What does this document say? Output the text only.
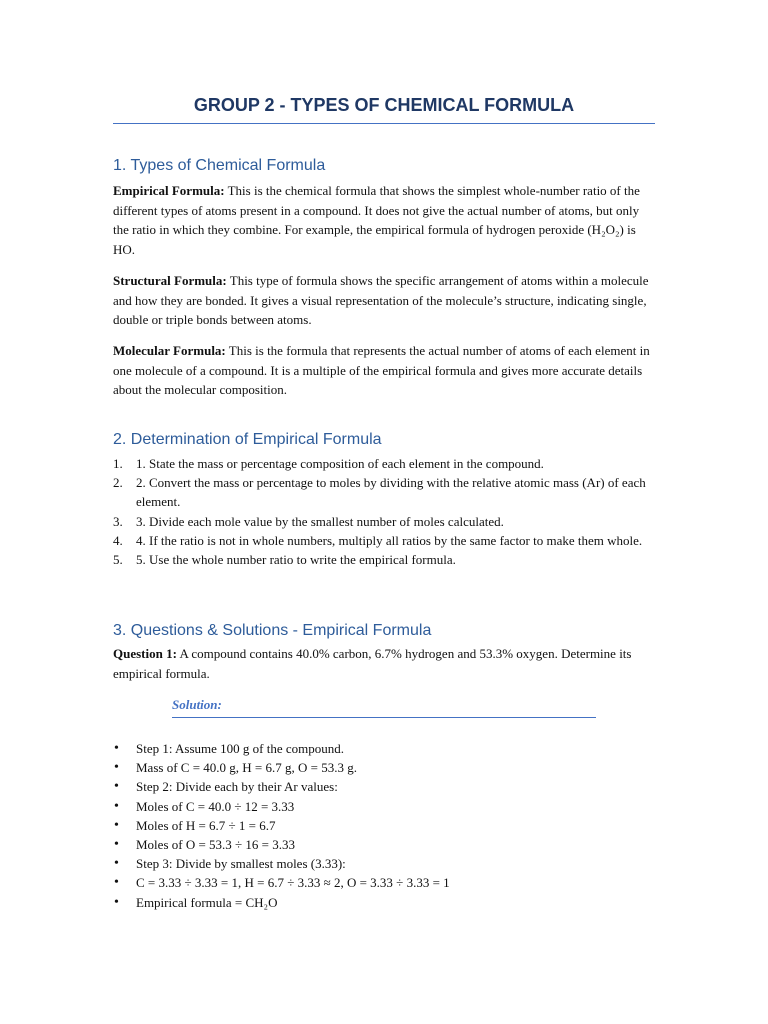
GROUP 2 - TYPES OF CHEMICAL FORMULA
1. Types of Chemical Formula

Empirical Formula: This is the chemical formula that shows the simplest whole-number ratio of the different types of atoms present in a compound. It does not give the actual number of atoms, but only the ratio in which they combine. For example, the empirical formula of hydrogen peroxide (H₂O₂) is HO.

Structural Formula: This type of formula shows the specific arrangement of atoms within a molecule and how they are bonded. It gives a visual representation of the molecule’s structure, indicating single, double or triple bonds between atoms.

Molecular Formula: This is the formula that represents the actual number of atoms of each element in one molecule of a compound. It is a multiple of the empirical formula and gives more accurate details about the molecular composition.

2. Determination of Empirical Formula
1. 1. State the mass or percentage composition of each element in the compound.
2. 2. Convert the mass or percentage to moles by dividing with the relative atomic mass (Ar) of each element.
3. 3. Divide each mole value by the smallest number of moles calculated.
4. 4. If the ratio is not in whole numbers, multiply all ratios by the same factor to make them whole.
5. 5. Use the whole number ratio to write the empirical formula.
3. Questions & Solutions - Empirical Formula

Question 1: A compound contains 40.0% carbon, 6.7% hydrogen and 53.3% oxygen. Determine its empirical formula.

Solution:

• Step 1: Assume 100 g of the compound.
• Mass of C = 40.0 g, H = 6.7 g, O = 53.3 g.
• Step 2: Divide each by their Ar values:
• Moles of C = 40.0 ÷ 12 = 3.33
• Moles of H = 6.7 ÷ 1 = 6.7
• Moles of O = 53.3 ÷ 16 = 3.33
• Step 3: Divide by smallest moles (3.33):
• C = 3.33 ÷ 3.33 = 1, H = 6.7 ÷ 3.33 ≈ 2, O = 3.33 ÷ 3.33 = 1
• Empirical formula = CH₂O
